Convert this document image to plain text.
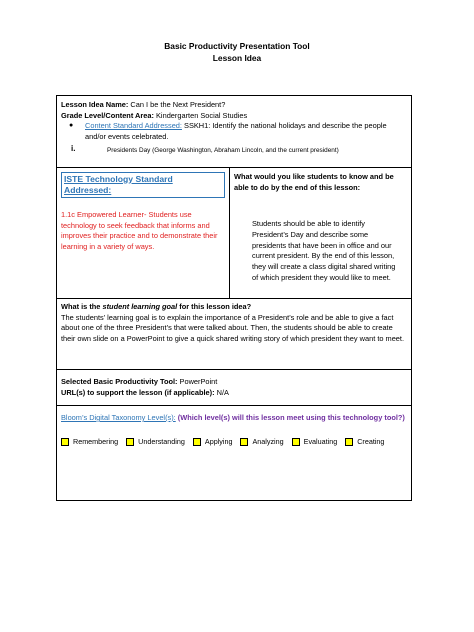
Basic Productivity Presentation Tool
Lesson Idea
Lesson Idea Name: Can I be the Next President?
Grade Level/Content Area: Kindergarten Social Studies
●	Content Standard Addressed: SSKH1: Identify the national holidays and describe the people and/or events celebrated.
i.	Presidents Day (George Washington, Abraham Lincoln, and the current president)
ISTE Technology Standard Addressed:
1.1c Empowered Learner- Students use technology to seek feedback that informs and improves their practice and to demonstrate their learning in a variety of ways.
What would you like students to know and be able to do by the end of this lesson:
Students should be able to identify President’s Day and describe some presidents that have been in office and our current president. By the end of this lesson, they will create a class digital shared writing of which president they would like to meet.
What is the student learning goal for this lesson idea?
The students’ learning goal is to explain the importance of a President’s role and be able to give a fact about one of the three President’s that were talked about. Then, the students should be able to create their own slide on a PowerPoint to give a quick shared writing story of which president they want to meet.
Selected Basic Productivity Tool: PowerPoint
URL(s) to support the lesson (if applicable): N/A
Bloom’s Digital Taxonomy Level(s): (Which level(s) will this lesson meet using this technology tool?)
Remembering	Understanding	Applying	Analyzing	Evaluating	Creating
